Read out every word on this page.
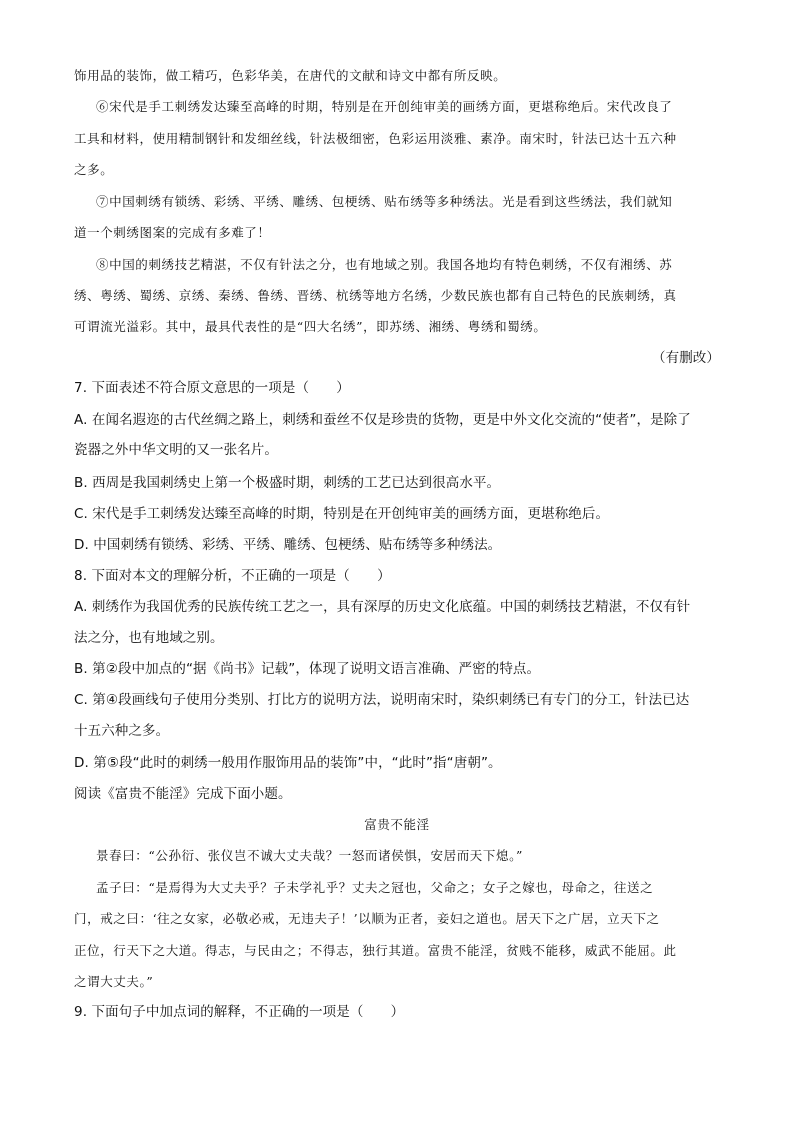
饰用品的装饰，做工精巧，色彩华美，在唐代的文献和诗文中都有所反映。
⑥宋代是手工刺绣发达臻至高峰的时期，特别是在开创纯审美的画绣方面，更堪称绝后。宋代改良了
工具和材料，使用精制钢针和发细丝线，针法极细密，色彩运用淡雅、素净。南宋时，针法已达十五六种
之多。
⑦中国刺绣有锁绣、彩绣、平绣、雕绣、包梗绣、贴布绣等多种绣法。光是看到这些绣法，我们就知
道一个刺绣图案的完成有多难了！
⑧中国的刺绣技艺精湛，不仅有针法之分，也有地域之别。我国各地均有特色刺绣，不仅有湘绣、苏
绣、粤绣、蜀绣、京绣、秦绣、鲁绣、晋绣、杭绣等地方名绣，少数民族也都有自己特色的民族刺绣，真
可谓流光溢彩。其中，最具代表性的是“四大名绣”，即苏绣、湘绣、粤绣和蜀绣。
（有删改）
7. 下面表述不符合原文意思的一项是（　　）
A. 在闻名遐迩的古代丝绸之路上，刺绣和蚕丝不仅是珍贵的货物，更是中外文化交流的“使者”，是除了
瓷器之外中华文明的又一张名片。
B. 西周是我国刺绣史上第一个极盛时期，刺绣的工艺已达到很高水平。
C. 宋代是手工刺绣发达臻至高峰的时期，特别是在开创纯审美的画绣方面，更堪称绝后。
D. 中国刺绣有锁绣、彩绣、平绣、雕绣、包梗绣、贴布绣等多种绣法。
8. 下面对本文的理解分析，不正确的一项是（　　）
A. 刺绣作为我国优秀的民族传统工艺之一，具有深厚的历史文化底蕴。中国的刺绣技艺精湛，不仅有针
法之分，也有地域之别。
B. 第②段中加点的“据《尚书》记载”，体现了说明文语言准确、严密的特点。
C. 第④段画线句子使用分类别、打比方的说明方法，说明南宋时，染织刺绣已有专门的分工，针法已达
十五六种之多。
D. 第⑤段“此时的刺绣一般用作服饰用品的装饰”中，“此时”指“唐朝”。
阅读《富贵不能淫》完成下面小题。
富贵不能淫
景春曰：“公孙衍、张仪岂不诚大丈夫哉？一怒而诸侯惧，安居而天下熄。”
孟子曰：“是焉得为大丈夫乎？子未学礼乎？丈夫之冠也，父命之；女子之嫁也，母命之，往送之
门，戒之曰：‘往之女家，必敬必戒，无违夫子！’以顺为正者，妾妇之道也。居天下之广居，立天下之
正位，行天下之大道。得志，与民由之；不得志，独行其道。富贵不能淫，贫贱不能移，威武不能屈。此
之谓大丈夫。”
9. 下面句子中加点词的解释，不正确的一项是（　　）
